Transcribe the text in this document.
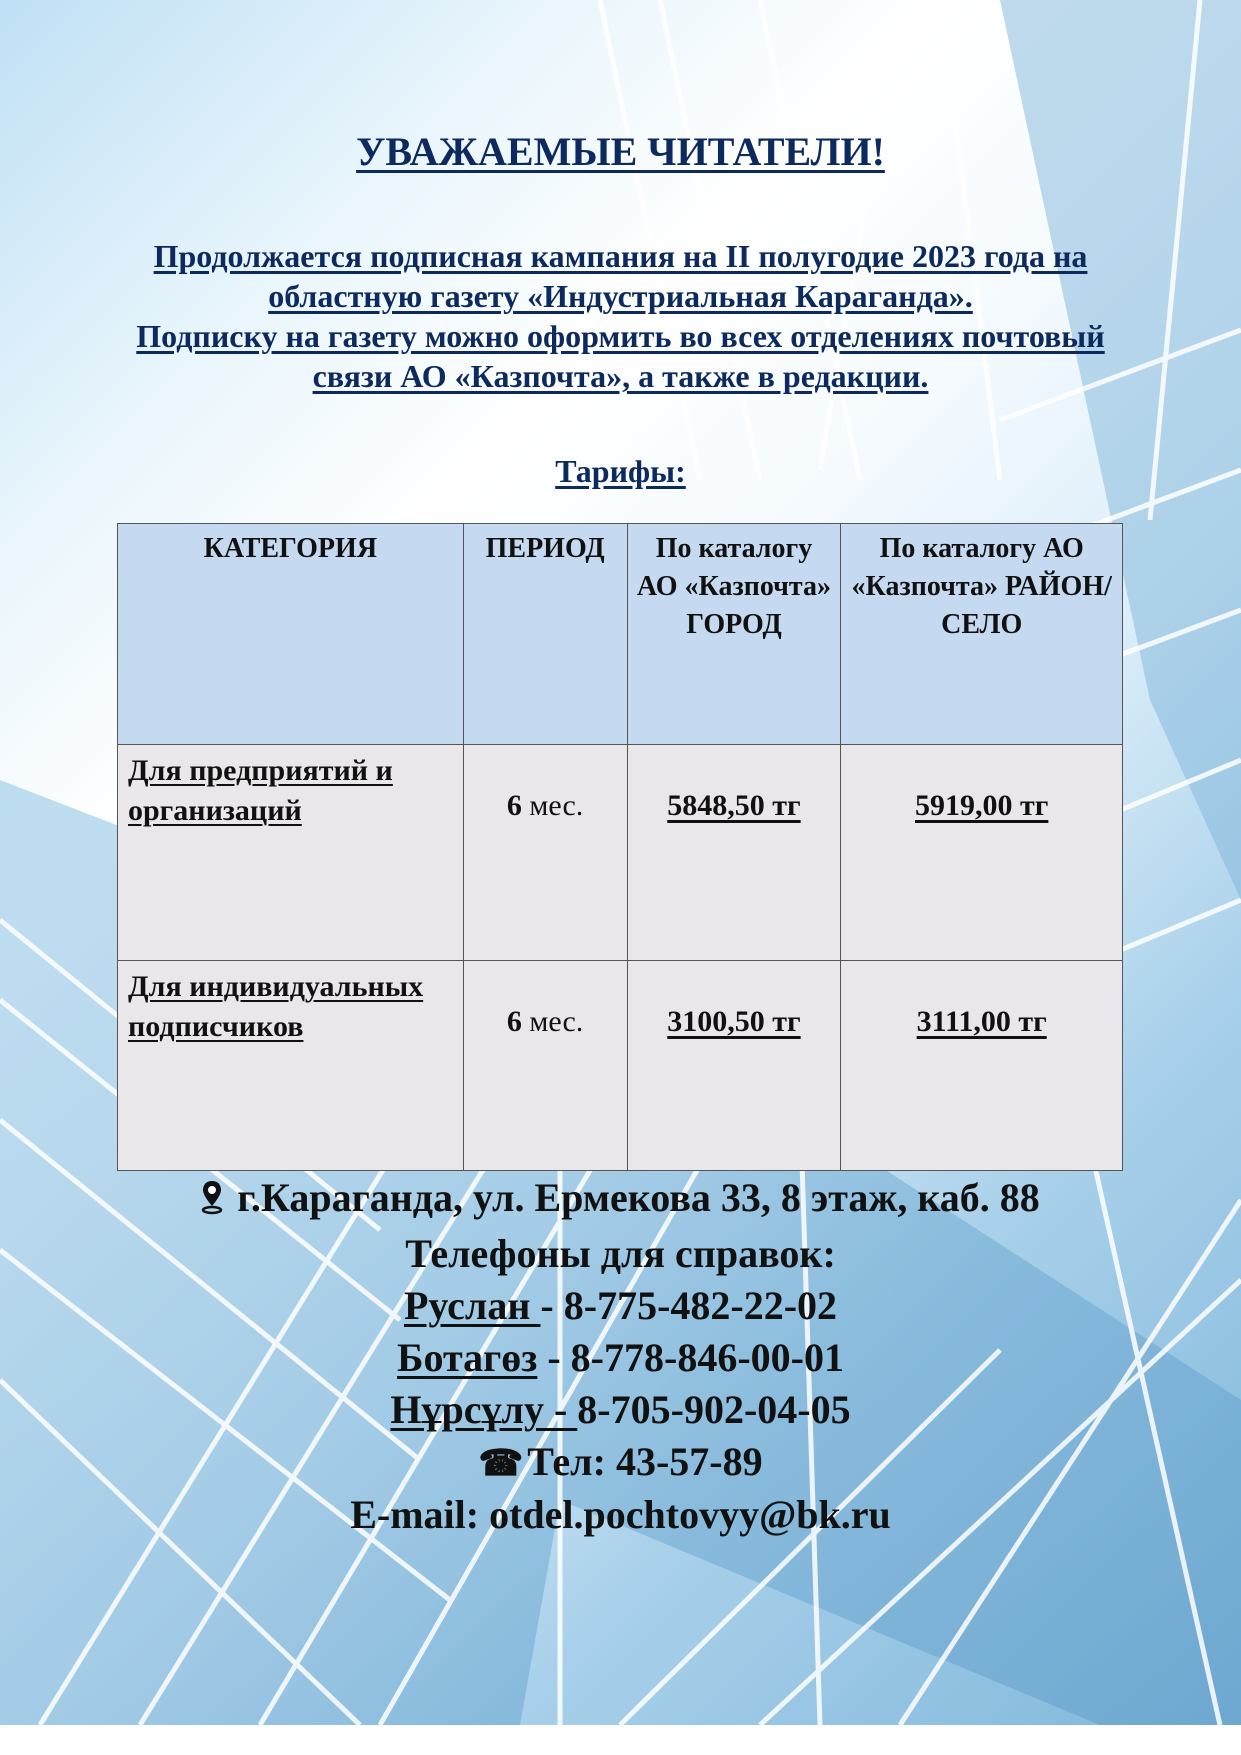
УВАЖАЕМЫЕ ЧИТАТЕЛИ!
Продолжается подписная кампания на II полугодие 2023 года на
областную газету «Индустриальная Караганда».
Подписку на газету можно оформить во всех отделениях почтовый
связи АО «Казпочта», а также в редакции.
Тарифы:
КАТЕГОРИЯ	ПЕРИОД	По каталогу АО «Казпочта» ГОРОД	По каталогу АО «Казпочта» РАЙОН/СЕЛО
Для предприятий и организаций	6 мес.	5848,50 тг	5919,00 тг
Для индивидуальных подписчиков	6 мес.	3100,50 тг	3111,00 тг
г.Караганда, ул. Ермекова 33, 8 этаж, каб. 88
Телефоны для справок:
Руслан - 8-775-482-22-02
Ботагөз - 8-778-846-00-01
Нұрсұлу - 8-705-902-04-05
☎ Тел: 43-57-89
E-mail: otdel.pochtovyy@bk.ru
